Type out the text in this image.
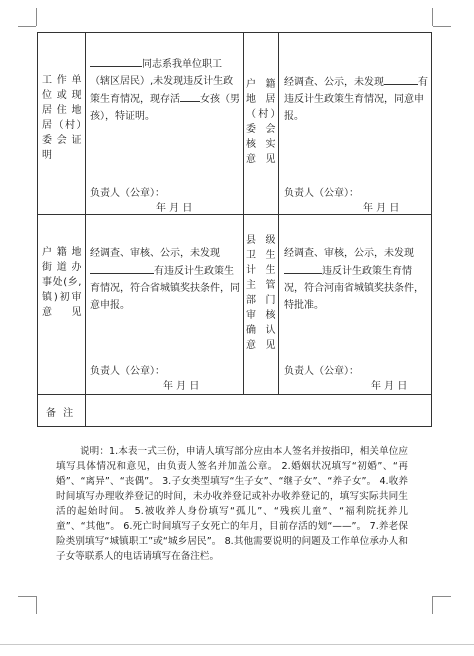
工作单位或现居住地居（村）委会证明
同志系我单位职工（辖区居民）,未发现违反计生政策生育情况，现存活 女孩（男孩），特证明。
负责人（公章）：
年 月 日
户籍地居（村）委会核实意见
经调查、公示，未发现	有违反计生政策生育情况，同意申报。
负责人（公章）：
年 月 日
户籍地街道办事处(乡,镇)初审意见
经调查、审核、公示，未发现有违反计生政策生育情况，符合省城镇奖扶条件，同意申报。
负责人（公章）：
年 月 日
县级卫生计生主管部门审核确认意见
经调查、审核，公示，未发现违反计生政策生育情况，符合河南省城镇奖扶条件，特批准。
负责人（公章）：
年 月 日
备 注
说明：1.本表一式三份，申请人填写部分应由本人签名并按指印，相关单位应填写具体情况和意见，由负责人签名并加盖公章。 2.婚姻状况填写“初婚”、“再婚”、“离异”、“丧偶”。 3.子女类型填写“生子女”、“继子女”、“养子女”。 4.收养时间填写办理收养登记的时间，未办收养登记或补办收养登记的，填写实际共同生活的起始时间。 5.被收养人身份填写“孤儿”、“残疾儿童”、“福利院抚养儿童”、“其他”。 6.死亡时间填写子女死亡的年月，目前存活的划“——”。 7.养老保险类别填写“城镇职工”或“城乡居民”。 8.其他需要说明的问题及工作单位承办人和子女等联系人的电话请填写在备注栏。
